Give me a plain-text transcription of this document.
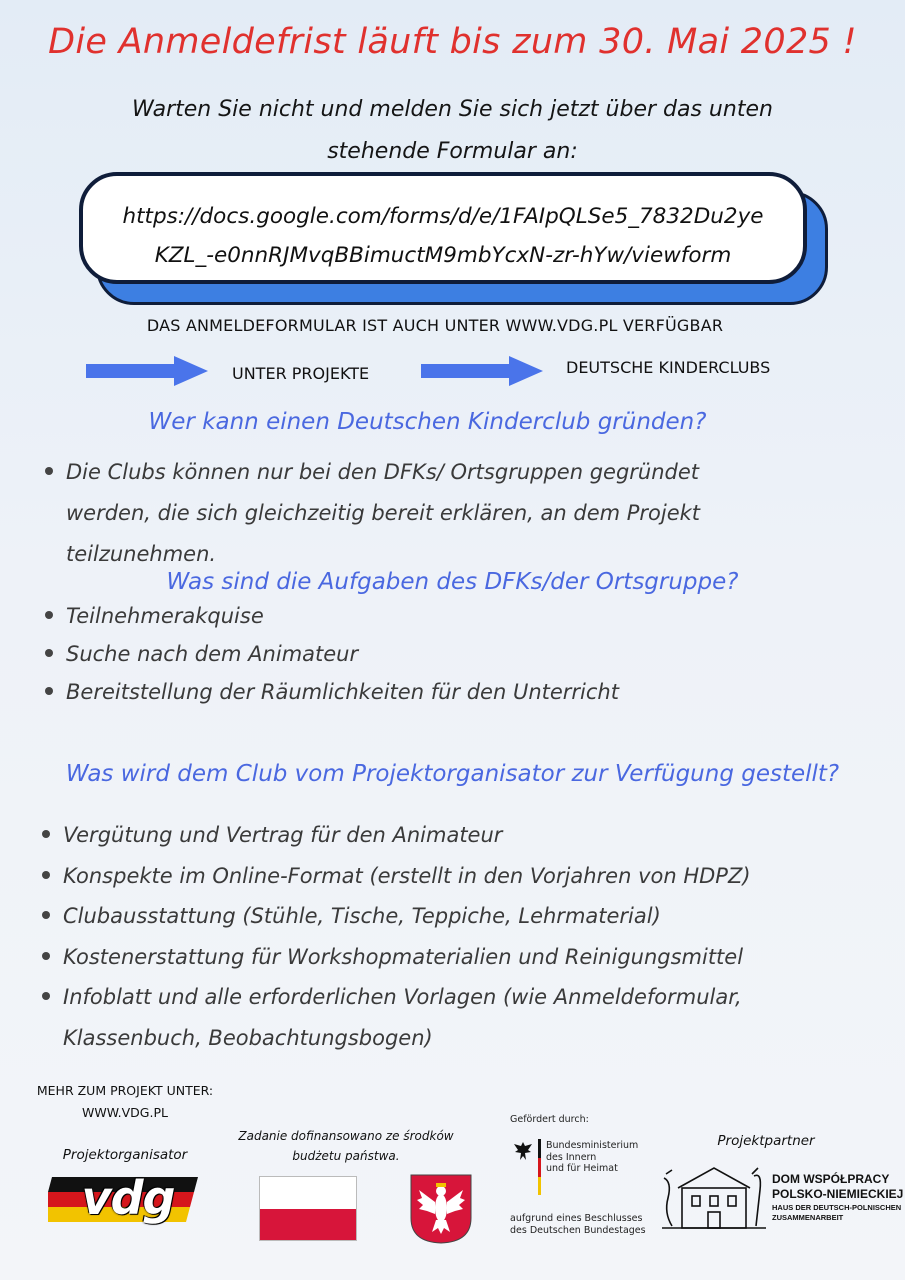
Die Anmeldefrist läuft bis zum 30. Mai 2025 !
Warten Sie nicht und melden Sie sich jetzt über das unten
stehende Formular an:
https://docs.google.com/forms/d/e/1FAIpQLSe5_7832Du2ye
KZL_-e0nnRJMvqBBimuctM9mbYcxN-zr-hYw/viewform
DAS ANMELDEFORMULAR IST AUCH UNTER WWW.VDG.PL VERFÜGBAR
UNTER PROJEKTE	DEUTSCHE KINDERCLUBS
Wer kann einen Deutschen Kinderclub gründen?
Die Clubs können nur bei den DFKs/ Ortsgruppen gegründet werden, die sich gleichzeitig bereit erklären, an dem Projekt teilzunehmen.
Was sind die Aufgaben des DFKs/der Ortsgruppe?
Teilnehmerakquise
Suche nach dem Animateur
Bereitstellung der Räumlichkeiten für den Unterricht
Was wird dem Club vom Projektorganisator zur Verfügung gestellt?
Vergütung und Vertrag für den Animateur
Konspekte im Online-Format (erstellt in den Vorjahren von HDPZ)
Clubausstattung (Stühle, Tische, Teppiche, Lehrmaterial)
Kostenerstattung für Workshopmaterialien und Reinigungsmittel
Infoblatt und alle erforderlichen Vorlagen (wie Anmeldeformular, Klassenbuch, Beobachtungsbogen)
MEHR ZUM PROJEKT UNTER:
WWW.VDG.PL
Projektorganisator
vdg
Zadanie dofinansowano ze środków
budżetu państwa.
Gefördert durch:
Bundesministerium
des Innern
und für Heimat
aufgrund eines Beschlusses
des Deutschen Bundestages
Projektpartner
DOM WSPÓŁPRACY
POLSKO-NIEMIECKIEJ
HAUS DER DEUTSCH-POLNISCHEN
ZUSAMMENARBEIT
